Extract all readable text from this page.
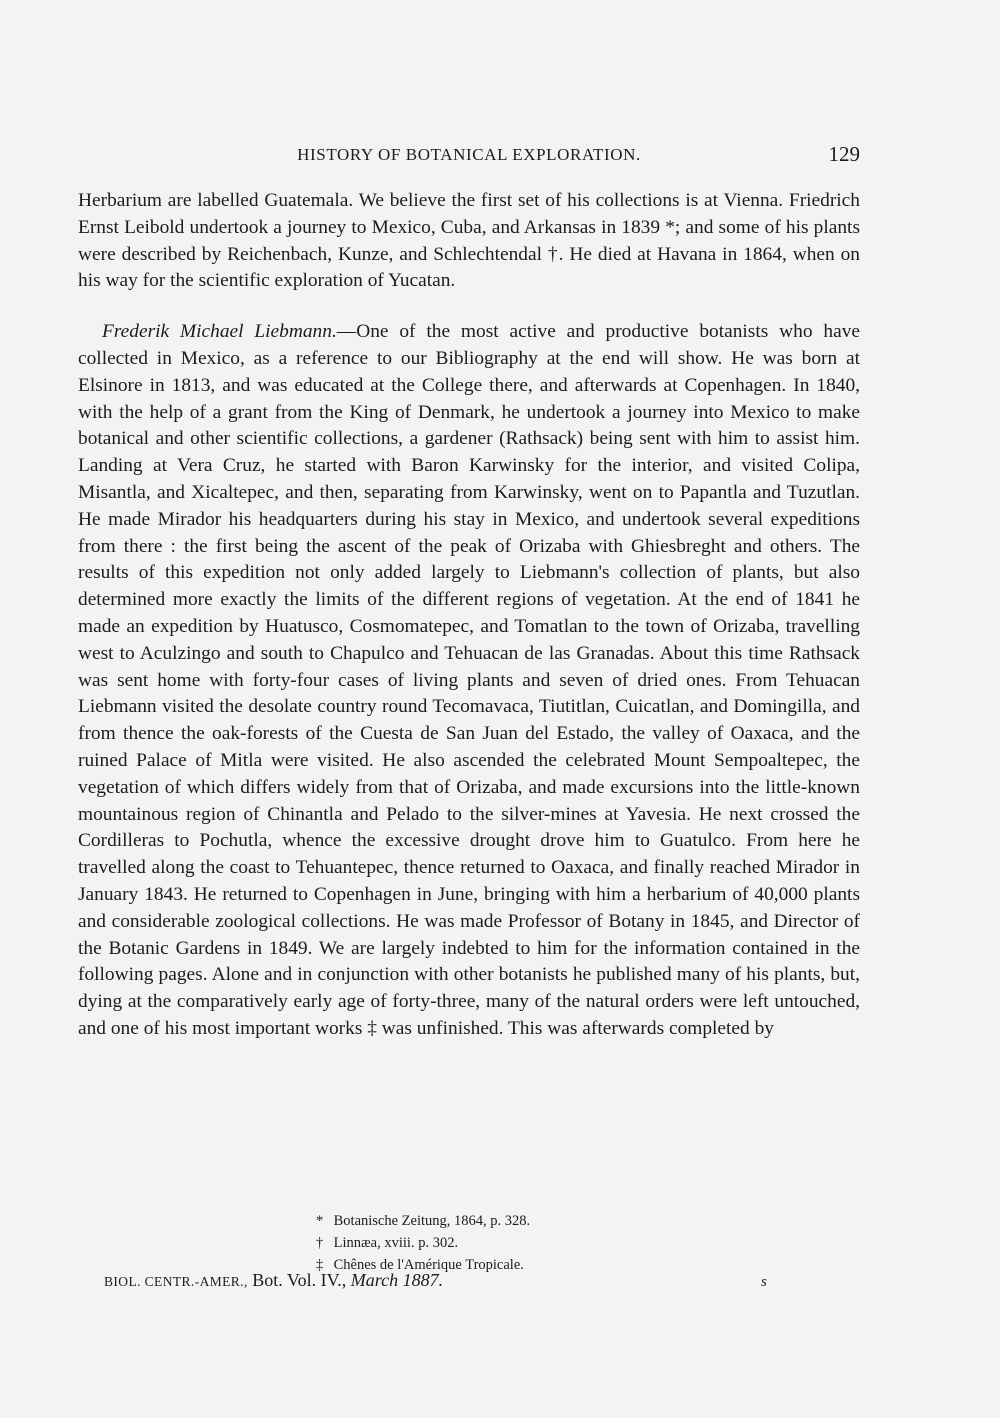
HISTORY OF BOTANICAL EXPLORATION.	129

Herbarium are labelled Guatemala. We believe the first set of his collections is at Vienna. Friedrich Ernst Leibold undertook a journey to Mexico, Cuba, and Arkansas in 1839 *; and some of his plants were described by Reichenbach, Kunze, and Schlechtendal †. He died at Havana in 1864, when on his way for the scientific exploration of Yucatan.

Frederik Michael Liebmann.—One of the most active and productive botanists who have collected in Mexico, as a reference to our Bibliography at the end will show. He was born at Elsinore in 1813, and was educated at the College there, and afterwards at Copenhagen. In 1840, with the help of a grant from the King of Denmark, he undertook a journey into Mexico to make botanical and other scientific collections, a gardener (Rathsack) being sent with him to assist him. Landing at Vera Cruz, he started with Baron Karwinsky for the interior, and visited Colipa, Misantla, and Xicaltepec, and then, separating from Karwinsky, went on to Papantla and Tuzutlan. He made Mirador his headquarters during his stay in Mexico, and undertook several expeditions from there : the first being the ascent of the peak of Orizaba with Ghiesbreght and others. The results of this expedition not only added largely to Liebmann's collection of plants, but also determined more exactly the limits of the different regions of vegetation. At the end of 1841 he made an expedition by Huatusco, Cosmomatepec, and Tomatlan to the town of Orizaba, travelling west to Aculzingo and south to Chapulco and Tehuacan de las Granadas. About this time Rathsack was sent home with forty-four cases of living plants and seven of dried ones. From Tehuacan Liebmann visited the desolate country round Tecomavaca, Tiutitlan, Cuicatlan, and Domingilla, and from thence the oak-forests of the Cuesta de San Juan del Estado, the valley of Oaxaca, and the ruined Palace of Mitla were visited. He also ascended the celebrated Mount Sempoaltepec, the vegetation of which differs widely from that of Orizaba, and made excursions into the little-known mountainous region of Chinantla and Pelado to the silver-mines at Yavesia. He next crossed the Cordilleras to Pochutla, whence the excessive drought drove him to Guatulco. From here he travelled along the coast to Tehuantepec, thence returned to Oaxaca, and finally reached Mirador in January 1843. He returned to Copenhagen in June, bringing with him a herbarium of 40,000 plants and considerable zoological collections. He was made Professor of Botany in 1845, and Director of the Botanic Gardens in 1849. We are largely indebted to him for the information contained in the following pages. Alone and in conjunction with other botanists he published many of his plants, but, dying at the comparatively early age of forty-three, many of the natural orders were left untouched, and one of his most important works ‡ was unfinished. This was afterwards completed by

* Botanische Zeitung, 1864, p. 328.
† Linnæa, xviii. p. 302.
‡ Chênes de l'Amérique Tropicale.
BIOL. CENTR.-AMER., Bot. Vol. IV., March 1887.	s
